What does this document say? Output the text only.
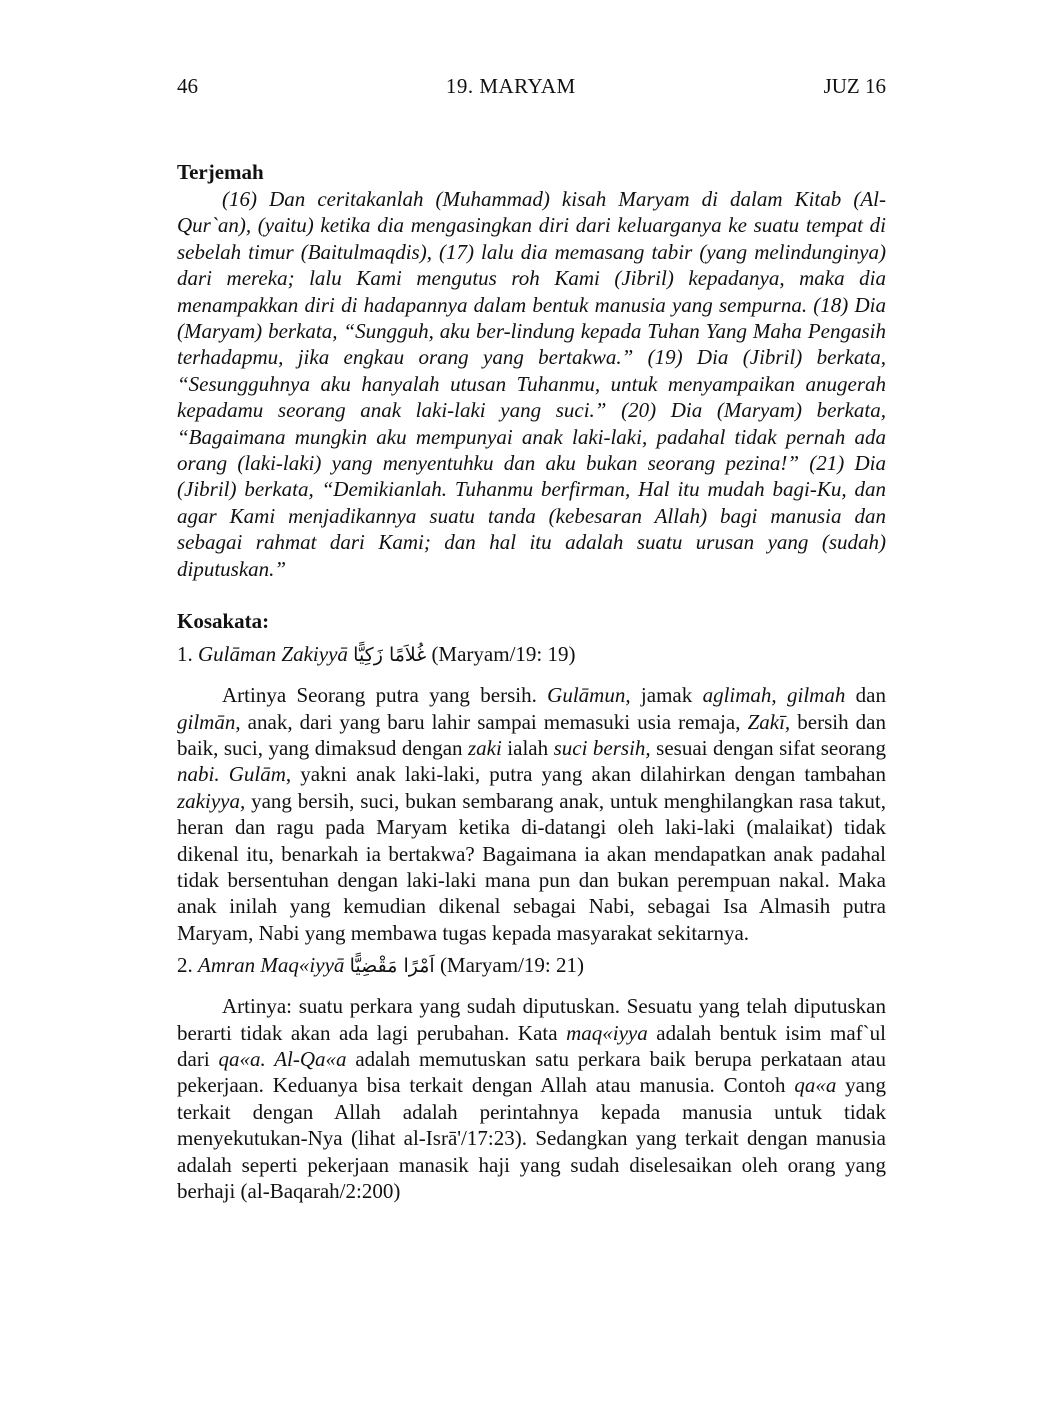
46	19. MARYAM	JUZ 16
Terjemah

(16) Dan ceritakanlah (Muhammad) kisah Maryam di dalam Kitab (Al-Qur`an), (yaitu) ketika dia mengasingkan diri dari keluarganya ke suatu tempat di sebelah timur (Baitulmaqdis), (17) lalu dia memasang tabir (yang melindunginya) dari mereka; lalu Kami mengutus roh Kami (Jibril) kepadanya, maka dia menampakkan diri di hadapannya dalam bentuk manusia yang sempurna. (18) Dia (Maryam) berkata, “Sungguh, aku ber-lindung kepada Tuhan Yang Maha Pengasih terhadapmu, jika engkau orang yang bertakwa.” (19) Dia (Jibril) berkata, “Sesungguhnya aku hanyalah utusan Tuhanmu, untuk menyampaikan anugerah kepadamu seorang anak laki-laki yang suci.” (20) Dia (Maryam) berkata, “Bagaimana mungkin aku mempunyai anak laki-laki, padahal tidak pernah ada orang (laki-laki) yang menyentuhku dan aku bukan seorang pezina!” (21) Dia (Jibril) berkata, “Demikianlah. Tuhanmu berfirman, Hal itu mudah bagi-Ku, dan agar Kami menjadikannya suatu tanda (kebesaran Allah) bagi manusia dan sebagai rahmat dari Kami; dan hal itu adalah suatu urusan yang (sudah) diputuskan.”

Kosakata:
1. Gulāman Zakiyyā غُلاَمًا زَكِيًّا (Maryam/19: 19)

Artinya Seorang putra yang bersih. Gulāmun, jamak aglimah, gilmah dan gilmān, anak, dari yang baru lahir sampai memasuki usia remaja, Zakī, bersih dan baik, suci, yang dimaksud dengan zaki ialah suci bersih, sesuai dengan sifat seorang nabi. Gulām, yakni anak laki-laki, putra yang akan dilahirkan dengan tambahan zakiyya, yang bersih, suci, bukan sembarang anak, untuk menghilangkan rasa takut, heran dan ragu pada Maryam ketika di-datangi oleh laki-laki (malaikat) tidak dikenal itu, benarkah ia bertakwa? Bagaimana ia akan mendapatkan anak padahal tidak bersentuhan dengan laki-laki mana pun dan bukan perempuan nakal. Maka anak inilah yang kemudian dikenal sebagai Nabi, sebagai Isa Almasih putra Maryam, Nabi yang membawa tugas kepada masyarakat sekitarnya.

2. Amran Maq«iyyā اَمْرًا مَقْضِيًّا (Maryam/19: 21)

Artinya: suatu perkara yang sudah diputuskan. Sesuatu yang telah diputuskan berarti tidak akan ada lagi perubahan. Kata maq«iyya adalah bentuk isim maf`ul dari qa«a. Al-Qa«a adalah memutuskan satu perkara baik berupa perkataan atau pekerjaan. Keduanya bisa terkait dengan Allah atau manusia. Contoh qa«a yang terkait dengan Allah adalah perintahnya kepada manusia untuk tidak menyekutukan-Nya (lihat al-Isrā'/17:23). Sedangkan yang terkait dengan manusia adalah seperti pekerjaan manasik haji yang sudah diselesaikan oleh orang yang berhaji (al-Baqarah/2:200)
